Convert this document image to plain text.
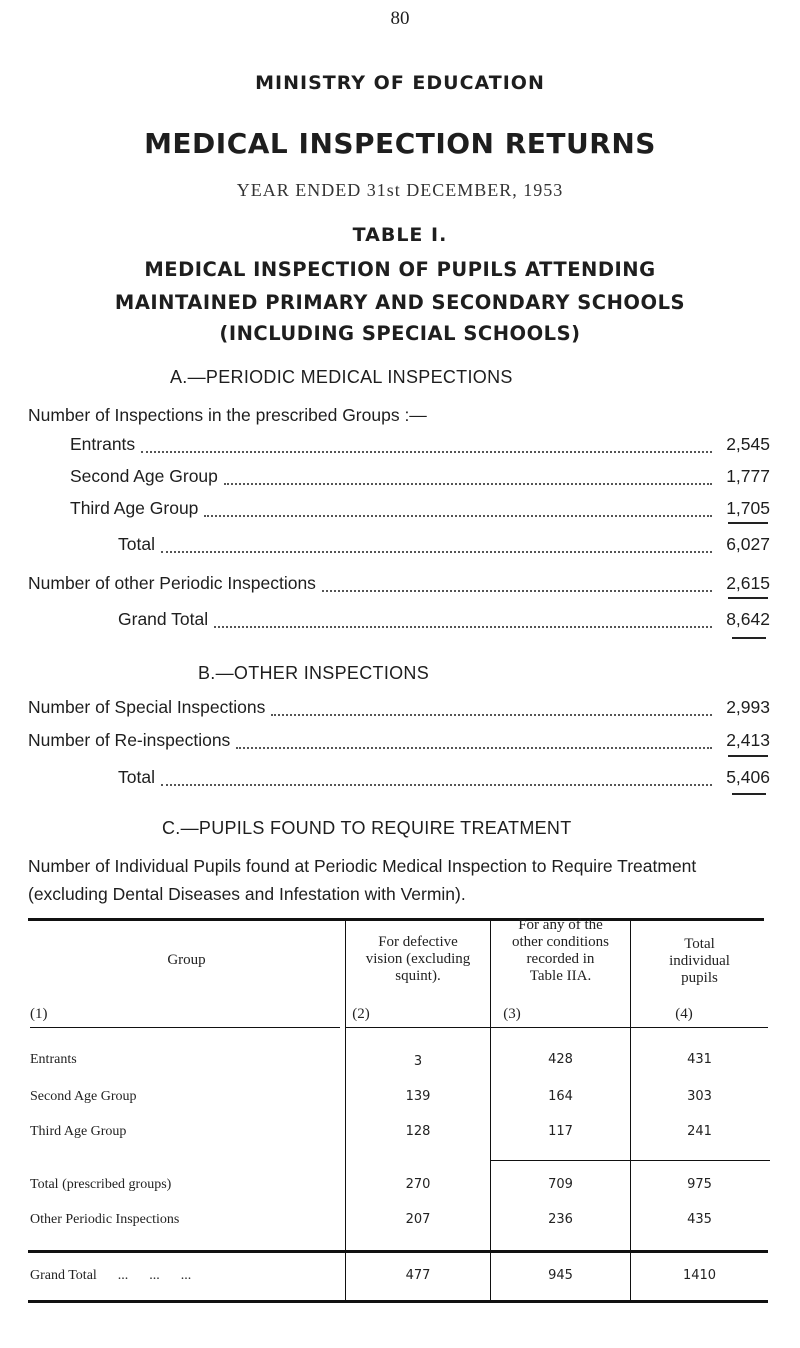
80
MINISTRY OF EDUCATION
MEDICAL INSPECTION RETURNS
YEAR ENDED 31st DECEMBER, 1953
TABLE I.
MEDICAL INSPECTION OF PUPILS ATTENDING
MAINTAINED PRIMARY AND SECONDARY SCHOOLS
(INCLUDING SPECIAL SCHOOLS)
A.—PERIODIC MEDICAL INSPECTIONS
Number of Inspections in the prescribed Groups :—
Entrants	2,545
Second Age Group	1,777
Third Age Group	1,705
Total	6,027
Number of other Periodic Inspections	2,615
Grand Total	8,642
B.—OTHER INSPECTIONS
Number of Special Inspections	2,993
Number of Re-inspections	2,413
Total	5,406
C.—PUPILS FOUND TO REQUIRE TREATMENT
Number of Individual Pupils found at Periodic Medical Inspection to Require Treatment (excluding Dental Diseases and Infestation with Vermin).
Group
(1)
For defective
vision (excluding
squint).
(2)
For any of the
other conditions
recorded in
Table IIA.
(3)
Total
individual
pupils
(4)
Entrants	3	428	431
Second Age Group	139	164	303
Third Age Group	128	117	241
Total (prescribed groups)	270	709	975
Other Periodic Inspections	207	236	435
Grand Total      ...      ...      ...	477	945	1410
